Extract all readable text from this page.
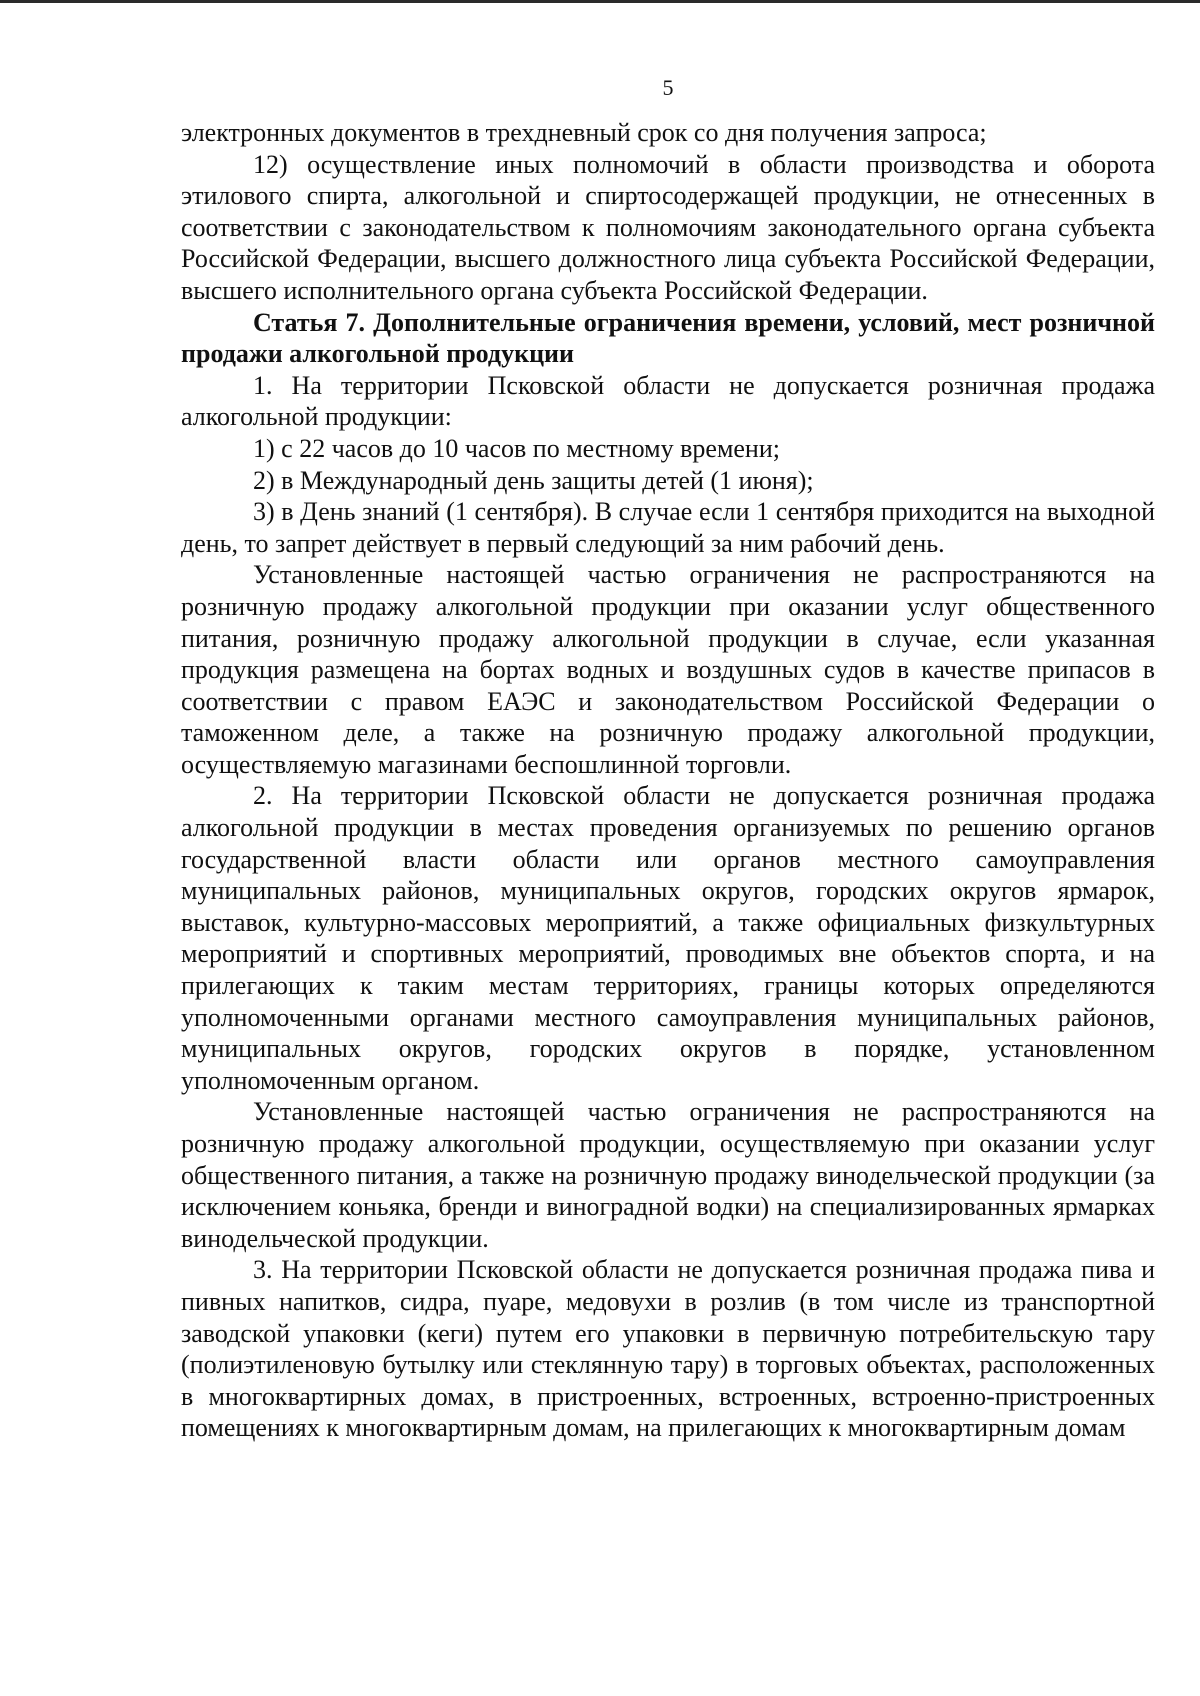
5

электронных документов в трехдневный срок со дня получения запроса;

12) осуществление иных полномочий в области производства и оборота этилового спирта, алкогольной и спиртосодержащей продукции, не отнесенных в соответствии с законодательством к полномочиям законодательного органа субъекта Российской Федерации, высшего должностного лица субъекта Российской Федерации, высшего исполнительного органа субъекта Российской Федерации.

Статья 7. Дополнительные ограничения времени, условий, мест розничной продажи алкогольной продукции

1. На территории Псковской области не допускается розничная продажа алкогольной продукции:

1) с 22 часов до 10 часов по местному времени;

2) в Международный день защиты детей (1 июня);

3) в День знаний (1 сентября). В случае если 1 сентября приходится на выходной день, то запрет действует в первый следующий за ним рабочий день.

Установленные настоящей частью ограничения не распространяются на розничную продажу алкогольной продукции при оказании услуг общественного питания, розничную продажу алкогольной продукции в случае, если указанная продукция размещена на бортах водных и воздушных судов в качестве припасов в соответствии с правом ЕАЭС и законодательством Российской Федерации о таможенном деле, а также на розничную продажу алкогольной продукции, осуществляемую магазинами беспошлинной торговли.

2. На территории Псковской области не допускается розничная продажа алкогольной продукции в местах проведения организуемых по решению органов государственной власти области или органов местного самоуправления муниципальных районов, муниципальных округов, городских округов ярмарок, выставок, культурно-массовых мероприятий, а также официальных физкультурных мероприятий и спортивных мероприятий, проводимых вне объектов спорта, и на прилегающих к таким местам территориях, границы которых определяются уполномоченными органами местного самоуправления муниципальных районов, муниципальных округов, городских округов в порядке, установленном уполномоченным органом.

Установленные настоящей частью ограничения не распространяются на розничную продажу алкогольной продукции, осуществляемую при оказании услуг общественного питания, а также на розничную продажу винодельческой продукции (за исключением коньяка, бренди и виноградной водки) на специализированных ярмарках винодельческой продукции.

3. На территории Псковской области не допускается розничная продажа пива и пивных напитков, сидра, пуаре, медовухи в розлив (в том числе из транспортной заводской упаковки (кеги) путем его упаковки в первичную потребительскую тару (полиэтиленовую бутылку или стеклянную тару) в торговых объектах, расположенных в многоквартирных домах, в пристроенных, встроенных, встроенно-пристроенных помещениях к многоквартирным домам, на прилегающих к многоквартирным домам
